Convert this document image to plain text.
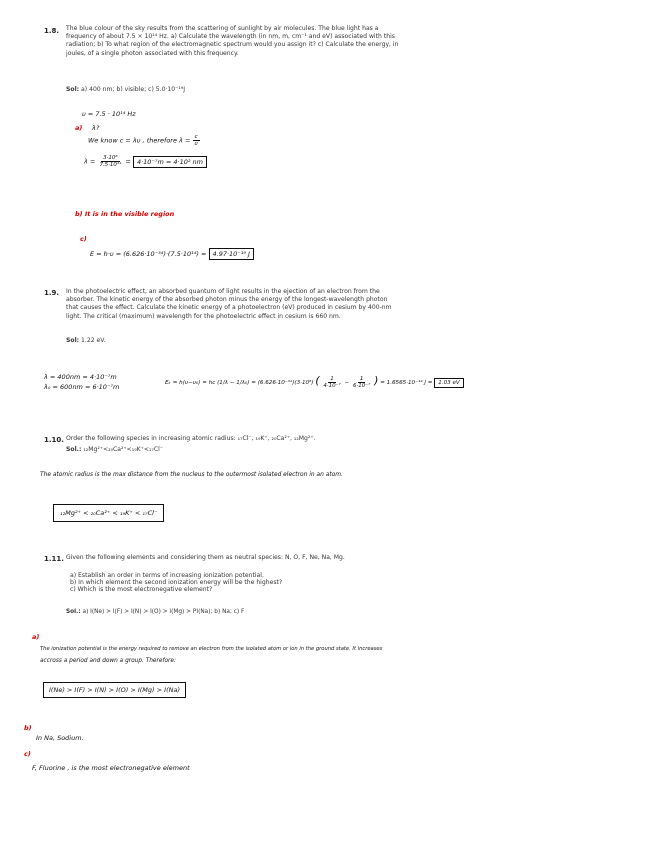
1.8. The blue colour of the sky results from the scattering of sunlight by air molecules. The blue light has a frequency of about 7.5 × 10¹⁴ Hz. a) Calculate the wavelength (in nm, m, cm⁻¹ and eV) associated with this radiation; b) To what region of the electromagnetic spectrum would you assign it? c) Calculate the energy, in joules, of a single photon associated with this frequency.
Sol: a) 400 nm; b) visible; c) 5.0·10⁻¹⁹J
υ = 7.5 · 10¹⁴ Hz
a) λ?
We know c = λυ , therefore $\lambda = \frac{c}{\upsilon}$
$\lambda = \frac{\text{3·10⁸}}{\text{7.5·10¹⁴}} = 4\cdot 10^{-7}m = 4\cdot 10^2$ nm
b) It is in the visible region
c)
E = h·υ = (6.626·10⁻³⁴)·(7.5·10¹⁴) = 4.97·10⁻¹⁹ J
1.9. In the photoelectric effect, an absorbed quantum of light results in the ejection of an electron from the absorber. The kinetic energy of the absorbed photon minus the energy of the longest-wavelength photon that causes the effect. Calculate the kinetic energy of a photoelectron (eV) produced in cesium by 400-nm light. The critical (maximum) wavelength for the photoelectric effect in cesium is 660 nm.
Sol: 1.22 eV.
λ = 400nm = 4·10⁻⁷m
λ₀ = 600nm = 6·10⁻⁷m	Eₖ = h(υ−υ₀) = hc (1/λ − 1/λ₀) = (6.626·10⁻³⁴)(3·10⁸) ( $\frac{1}{\text{4·10⁻⁷}} - \frac{1}{\text{6·10⁻⁷}}$ ) = 1.6565·10⁻¹⁹ J = 1.03 eV
1.10. Order the following species in increasing atomic radius: ₁₇Cl⁻, ₁₉K⁺, ₂₀Ca²⁺, ₁₂Mg²⁺.
Sol.: ₁₂Mg²⁺<₂₀Ca²⁺<₁₉K⁺<₁₇Cl⁻
The atomic radius is the max distance from the nucleus to the outermost isolated electron in an atom.
₁₂Mg²⁺ < ₂₀Ca²⁺ < ₁₉K⁺ < ₁₇Cl⁻
1.11. Given the following elements and considering them as neutral species: N, O, F, Ne, Na, Mg.
a) Establish an order in terms of increasing ionization potential.
b) In which element the second ionization energy will be the highest?
c) Which is the most electronegative element?
Sol.: a) I(Ne) > I(F) > I(N) > I(O) > I(Mg) > PI(Na); b) Na; c) F
a)
The ionization potential is the energy required to remove an electron from the isolated atom or ion in the ground state. It increases
accross a period and down a group. Therefore:
I(Ne) > I(F) > I(N) > I(O) > I(Mg) > I(Na)
b)
In Na, Sodium.
c)
F, Fluorine , is the most electronegative element
